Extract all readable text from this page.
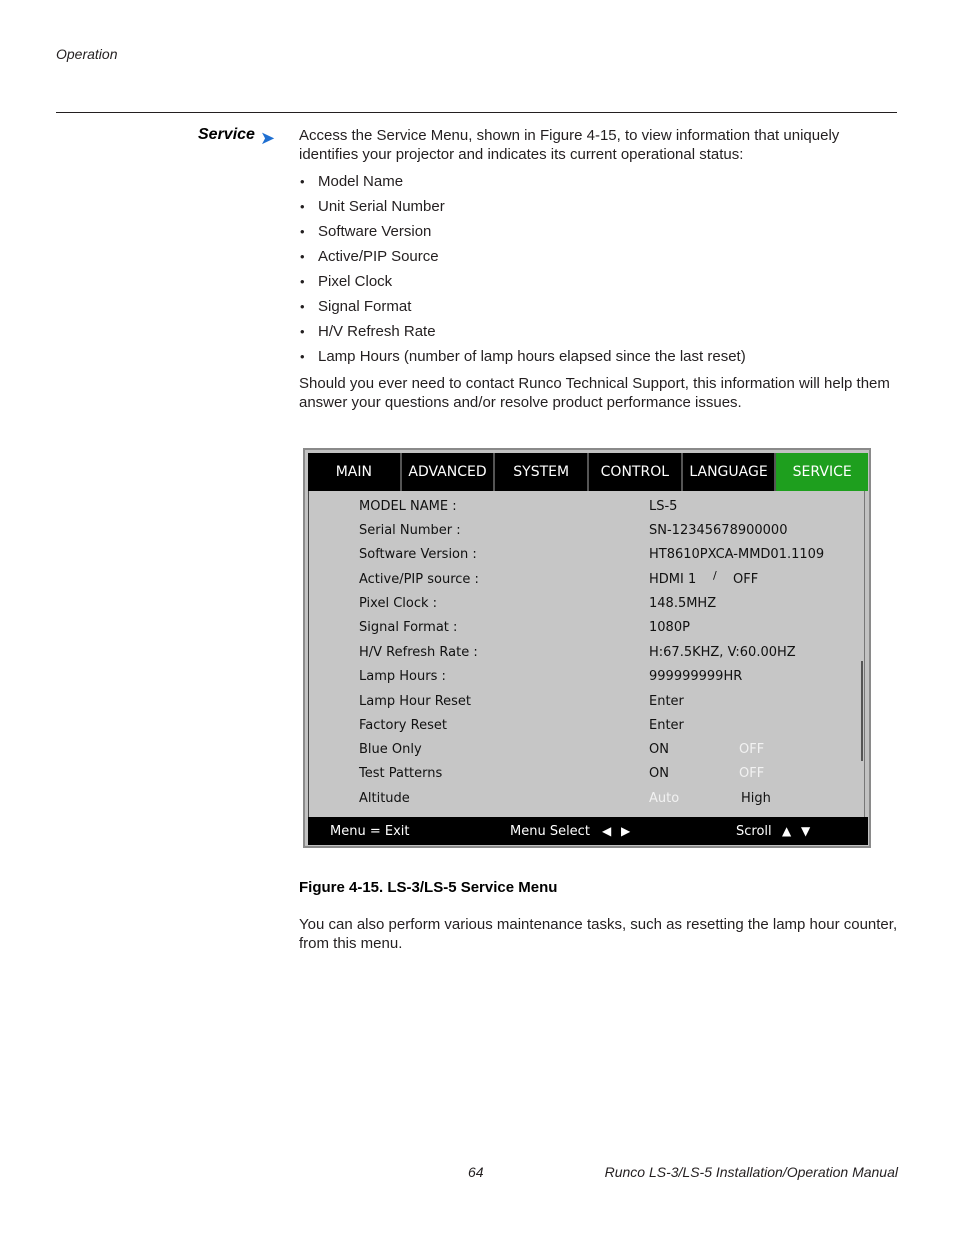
Operation
Service ➤ Access the Service Menu, shown in Figure 4-15, to view information that uniquely identifies your projector and indicates its current operational status:
• Model Name
• Unit Serial Number
• Software Version
• Active/PIP Source
• Pixel Clock
• Signal Format
• H/V Refresh Rate
• Lamp Hours (number of lamp hours elapsed since the last reset)
Should you ever need to contact Runco Technical Support, this information will help them answer your questions and/or resolve product performance issues.
MAIN	ADVANCED	SYSTEM	CONTROL	LANGUAGE	SERVICE
MODEL NAME :	LS-5
Serial Number :	SN-12345678900000
Software Version :	HT8610PXCA-MMD01.1109
Active/PIP source :	HDMI 1 / OFF
Pixel Clock :	148.5MHZ
Signal Format :	1080P
H/V Refresh Rate :	H:67.5KHZ, V:60.00HZ
Lamp Hours :	999999999HR
Lamp Hour Reset	Enter
Factory Reset	Enter
Blue Only	ON	OFF
Test Patterns	ON	OFF
Altitude	Auto	High
Menu = Exit	Menu Select ◀ ▶	Scroll ▲ ▼
Figure 4-15. LS-3/LS-5 Service Menu
You can also perform various maintenance tasks, such as resetting the lamp hour counter, from this menu.
64	Runco LS-3/LS-5 Installation/Operation Manual
